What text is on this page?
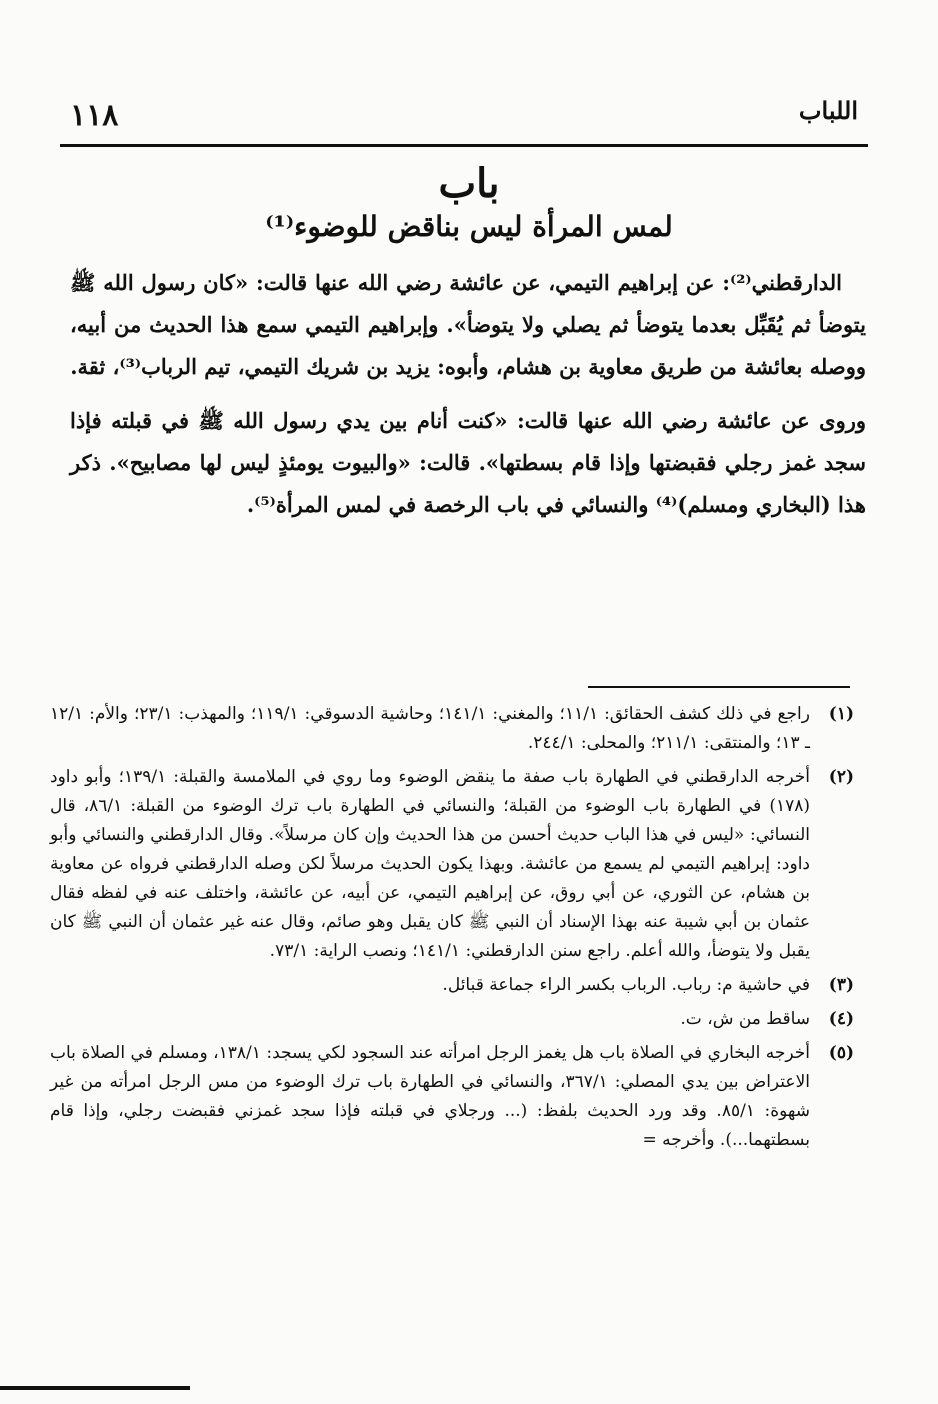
١١٨	اللباب
باب
لمس المرأة ليس بناقض للوضوء⁽¹⁾

الدارقطني⁽²⁾: عن إبراهيم التيمي، عن عائشة رضي الله عنها قالت: «كان رسول الله ﷺ يتوضأ ثم يُقَبِّل بعدما يتوضأ ثم يصلي ولا يتوضأ». وإبراهيم التيمي سمع هذا الحديث من أبيه، ووصله بعائشة من طريق معاوية بن هشام، وأبوه: يزيد بن شريك التيمي، تيم الرباب⁽³⁾، ثقة.

وروى عن عائشة رضي الله عنها قالت: «كنت أنام بين يدي رسول الله ﷺ في قبلته فإذا سجد غمز رجلي فقبضتها وإذا قام بسطتها». قالت: «والبيوت يومئذٍ ليس لها مصابيح». ذكر هذا (البخاري ومسلم)⁽⁴⁾ والنسائي في باب الرخصة في لمس المرأة⁽⁵⁾.

(١)
راجع في ذلك كشف الحقائق: ١١/١؛ والمغني: ١٤١/١؛ وحاشية الدسوقي: ١١٩/١؛ والمهذب: ٢٣/١؛ والأم: ١٢/١ ـ ١٣؛ والمنتقى: ٢١١/١؛ والمحلى: ٢٤٤/١.
(٢)
أخرجه الدارقطني في الطهارة باب صفة ما ينقض الوضوء وما روي في الملامسة والقبلة: ١٣٩/١؛ وأبو داود (١٧٨) في الطهارة باب الوضوء من القبلة؛ والنسائي في الطهارة باب ترك الوضوء من القبلة: ٨٦/١، قال النسائي: «ليس في هذا الباب حديث أحسن من هذا الحديث وإن كان مرسلاً». وقال الدارقطني والنسائي وأبو داود: إبراهيم التيمي لم يسمع من عائشة. وبهذا يكون الحديث مرسلاً لكن وصله الدارقطني فرواه عن معاوية بن هشام، عن الثوري، عن أبي روق، عن إبراهيم التيمي، عن أبيه، عن عائشة، واختلف عنه في لفظه فقال عثمان بن أبي شيبة عنه بهذا الإسناد أن النبي ﷺ كان يقبل وهو صائم، وقال عنه غير عثمان أن النبي ﷺ كان يقبل ولا يتوضأ، والله أعلم. راجع سنن الدارقطني: ١٤١/١؛ ونصب الراية: ٧٣/١.
(٣)
في حاشية م: رباب. الرباب بكسر الراء جماعة قبائل.
(٤)
ساقط من ش، ت.
(٥)
أخرجه البخاري في الصلاة باب هل يغمز الرجل امرأته عند السجود لكي يسجد: ١٣٨/١، ومسلم في الصلاة باب الاعتراض بين يدي المصلي: ٣٦٧/١، والنسائي في الطهارة باب ترك الوضوء من مس الرجل امرأته من غير شهوة: ٨٥/١. وقد ورد الحديث بلفظ: (... ورجلاي في قبلته فإذا سجد غمزني فقبضت رجلي، وإذا قام بسطتهما...). وأخرجه =
